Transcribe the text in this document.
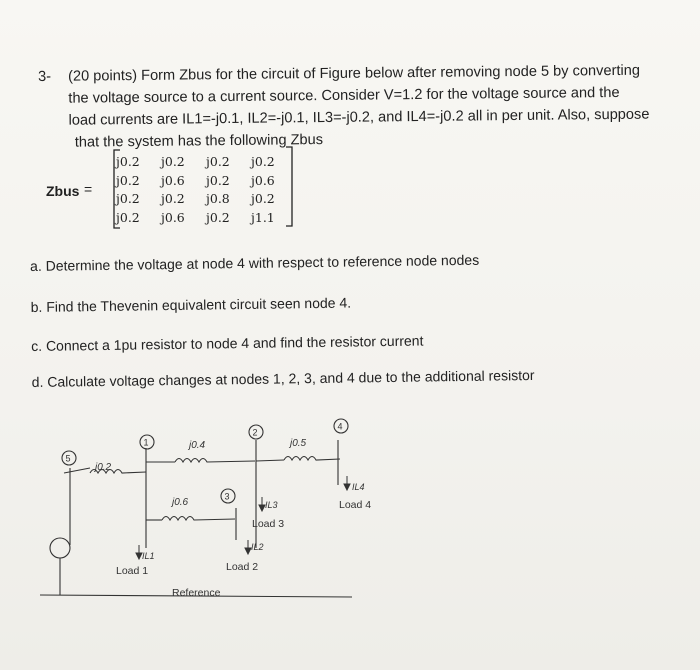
3- (20 points) Form Zbus for the circuit of Figure below after removing node 5 by converting
the voltage source to a current source. Consider V=1.2 for the voltage source and the
load currents are IL1=-j0.1, IL2=-j0.1, IL3=-j0.2, and IL4=-j0.2 all in per unit. Also, suppose
that the system has the following Zbus
Zbus =
j0.2 j0.2 j0.2 j0.2
j0.2 j0.6 j0.2 j0.6
j0.2 j0.2 j0.8 j0.2
j0.2 j0.6 j0.2 j1.1
a. Determine the voltage at node 4 with respect to reference node nodes
b. Find the Thevenin equivalent circuit seen node 4.
c. Connect a 1pu resistor to node 4 and find the resistor current
d. Calculate voltage changes at nodes 1, 2, 3, and 4 due to the additional resistor
1
2
3
4
5
j0.2
j0.4	j0.5
j0.6
IL1
IL2
IL3
IL4
Load 1	Load 2
Load 3
Load 4
Reference
